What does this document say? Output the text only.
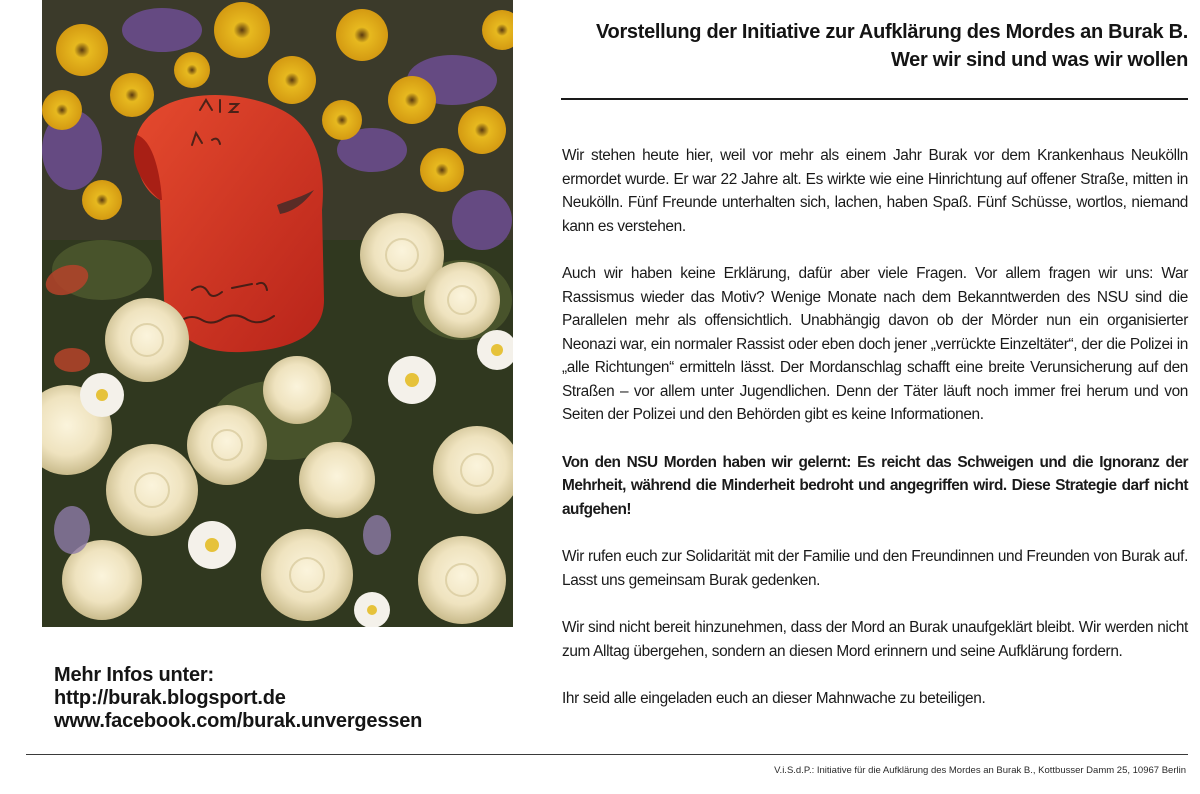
Mehr Infos unter:
http://burak.blogsport.de
www.facebook.com/burak.unvergessen
Vorstellung der Initiative zur Aufklärung des Mordes an Burak B.
Wer wir sind und was wir wollen

Wir stehen heute hier, weil vor mehr als einem Jahr Burak vor dem Krankenhaus Neukölln ermordet wurde. Er war 22 Jahre alt. Es wirkte wie eine Hinrichtung auf offener Straße, mitten in Neukölln. Fünf Freunde unterhalten sich, lachen, haben Spaß. Fünf Schüsse, wortlos, niemand kann es verstehen.

Auch wir haben keine Erklärung, dafür aber viele Fragen. Vor allem fragen wir uns: War Rassismus wieder das Motiv? Wenige Monate nach dem Bekanntwerden des NSU sind die Parallelen mehr als offensichtlich. Unabhängig davon ob der Mörder nun ein organisierter Neonazi war, ein normaler Rassist oder eben doch jener „verrückte Einzeltäter“, der die Polizei in „alle Richtungen“ ermitteln lässt. Der Mordanschlag schafft eine breite Verunsicherung auf den Straßen – vor allem unter Jugendlichen. Denn der Täter läuft noch immer frei herum und von Seiten der Polizei und den Behörden gibt es keine Informationen.

Von den NSU Morden haben wir gelernt: Es reicht das Schweigen und die Ignoranz der Mehrheit, während die Minderheit bedroht und angegriffen wird. Diese Strategie darf nicht aufgehen!

Wir rufen euch zur Solidarität mit der Familie und den Freundinnen und Freunden von Burak auf. Lasst uns gemeinsam Burak gedenken.

Wir sind nicht bereit hinzunehmen, dass der Mord an Burak unaufgeklärt bleibt. Wir werden nicht zum Alltag übergehen, sondern an diesen Mord erinnern und seine Aufklärung fordern.

Ihr seid alle eingeladen euch an dieser Mahnwache zu beteiligen.

V.i.S.d.P.: Initiative für die Aufklärung des Mordes an Burak B., Kottbusser Damm 25, 10967 Berlin
